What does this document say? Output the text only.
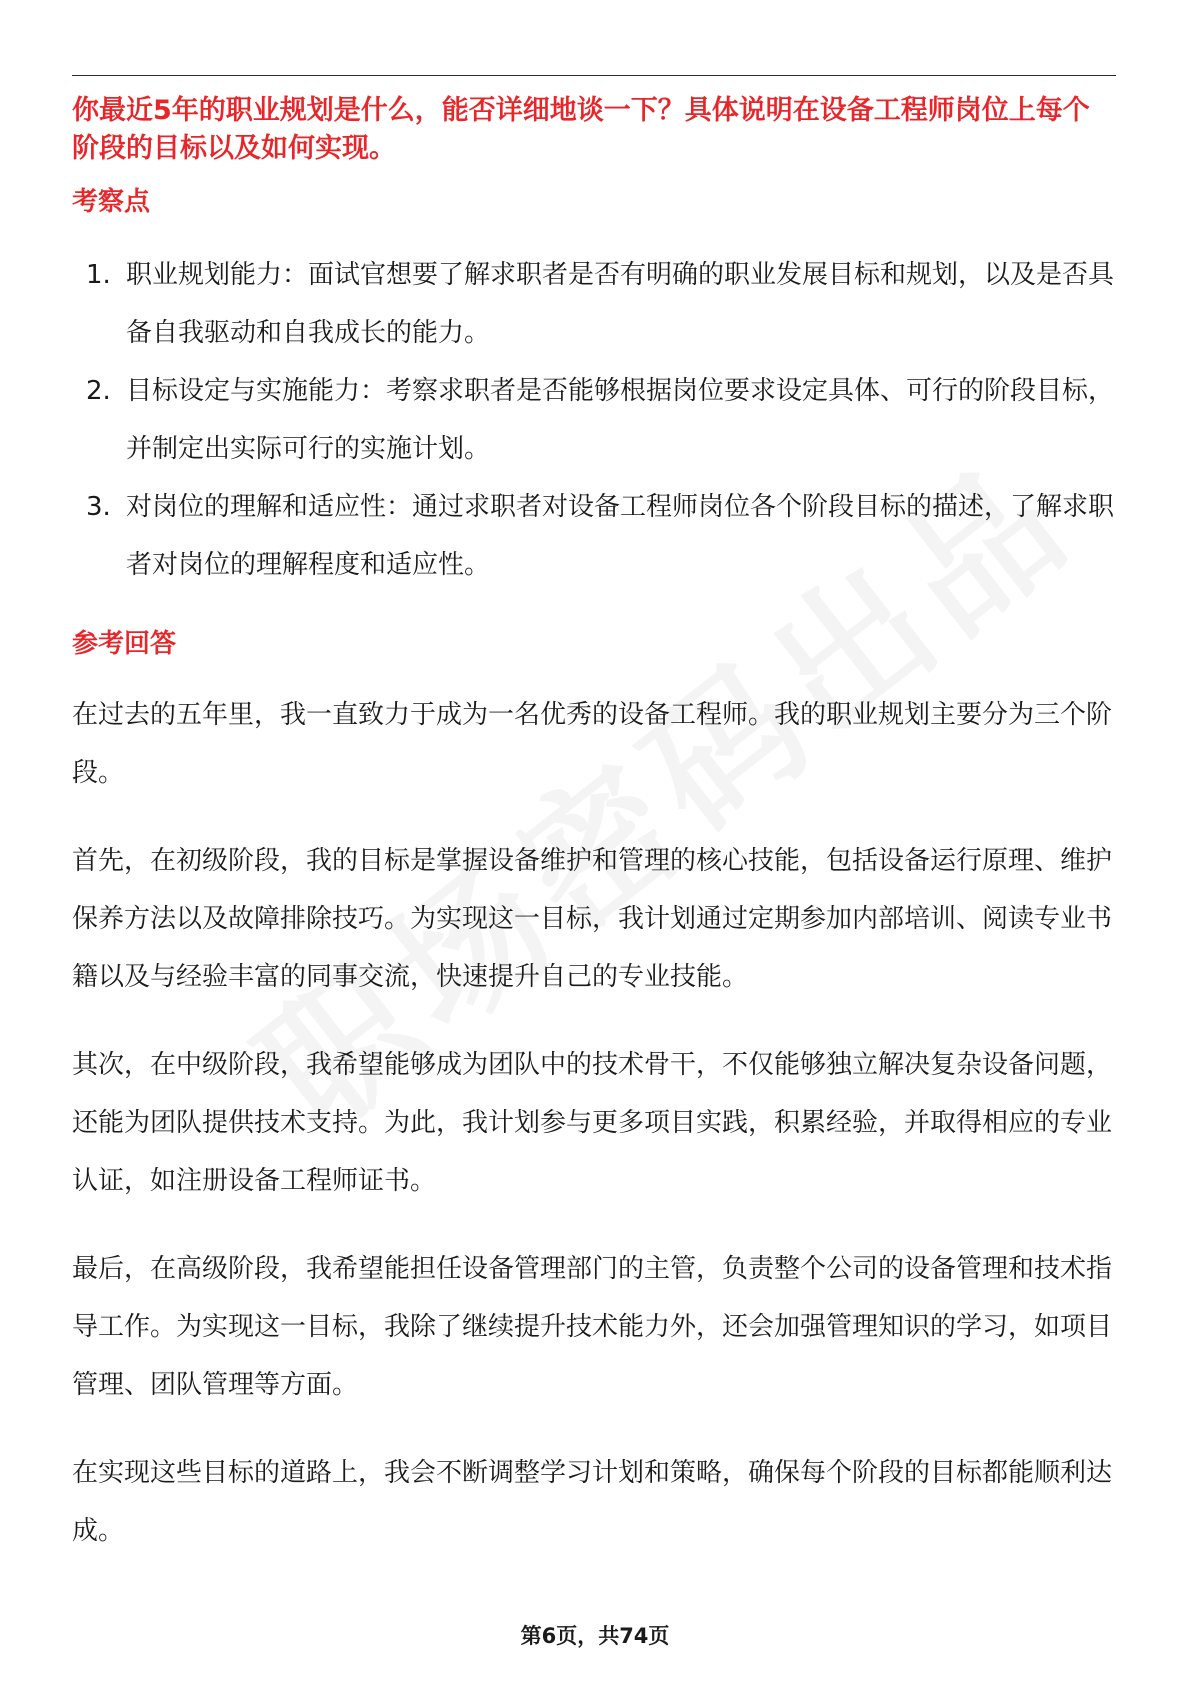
你最近5年的职业规划是什么，能否详细地谈一下？具体说明在设备工程师岗位上每个阶段的目标以及如何实现。

考察点
1. 职业规划能力：面试官想要了解求职者是否有明确的职业发展目标和规划，以及是否具备自我驱动和自我成长的能力。
2. 目标设定与实施能力：考察求职者是否能够根据岗位要求设定具体、可行的阶段目标，并制定出实际可行的实施计划。
3. 对岗位的理解和适应性：通过求职者对设备工程师岗位各个阶段目标的描述，了解求职者对岗位的理解程度和适应性。
参考回答

在过去的五年里，我一直致力于成为一名优秀的设备工程师。我的职业规划主要分为三个阶段。

首先，在初级阶段，我的目标是掌握设备维护和管理的核心技能，包括设备运行原理、维护保养方法以及故障排除技巧。为实现这一目标，我计划通过定期参加内部培训、阅读专业书籍以及与经验丰富的同事交流，快速提升自己的专业技能。

其次，在中级阶段，我希望能够成为团队中的技术骨干，不仅能够独立解决复杂设备问题，还能为团队提供技术支持。为此，我计划参与更多项目实践，积累经验，并取得相应的专业认证，如注册设备工程师证书。

最后，在高级阶段，我希望能担任设备管理部门的主管，负责整个公司的设备管理和技术指导工作。为实现这一目标，我除了继续提升技术能力外，还会加强管理知识的学习，如项目管理、团队管理等方面。

在实现这些目标的道路上，我会不断调整学习计划和策略，确保每个阶段的目标都能顺利达成。

第6页，共74页
